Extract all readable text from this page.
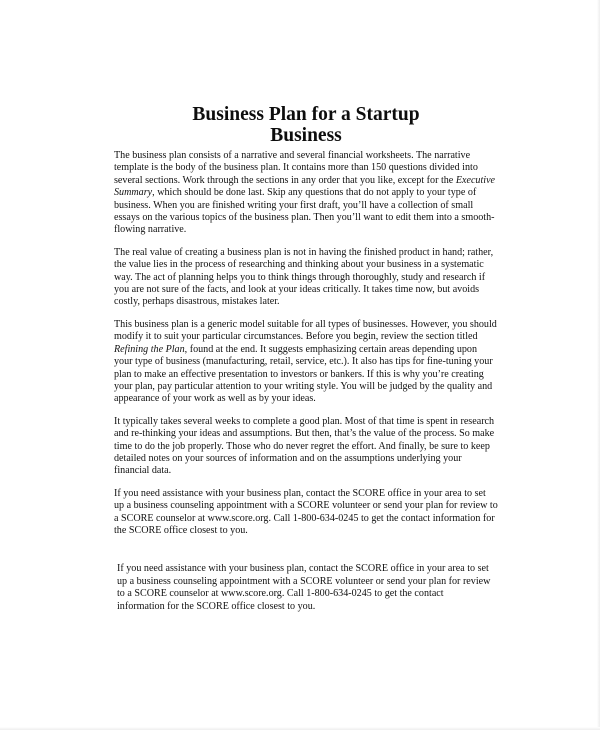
Business Plan for a Startup
Business

The business plan consists of a narrative and several financial worksheets. The narrative template is the body of the business plan. It contains more than 150 questions divided into several sections. Work through the sections in any order that you like, except for the Executive Summary, which should be done last. Skip any questions that do not apply to your type of business. When you are finished writing your first draft, you’ll have a collection of small essays on the various topics of the business plan. Then you’ll want to edit them into a smooth-flowing narrative.

The real value of creating a business plan is not in having the finished product in hand; rather, the value lies in the process of researching and thinking about your business in a systematic way. The act of planning helps you to think things through thoroughly, study and research if you are not sure of the facts, and look at your ideas critically. It takes time now, but avoids costly, perhaps disastrous, mistakes later.

This business plan is a generic model suitable for all types of businesses. However, you should modify it to suit your particular circumstances. Before you begin, review the section titled Refining the Plan, found at the end. It suggests emphasizing certain areas depending upon your type of business (manufacturing, retail, service, etc.). It also has tips for fine-tuning your plan to make an effective presentation to investors or bankers. If this is why you’re creating your plan, pay particular attention to your writing style. You will be judged by the quality and appearance of your work as well as by your ideas.

It typically takes several weeks to complete a good plan. Most of that time is spent in research and re-thinking your ideas and assumptions. But then, that’s the value of the process. So make time to do the job properly. Those who do never regret the effort. And finally, be sure to keep detailed notes on your sources of information and on the assumptions underlying your financial data.

If you need assistance with your business plan, contact the SCORE office in your area to set up a business counseling appointment with a SCORE volunteer or send your plan for review to a SCORE counselor at www.score.org. Call 1-800-634-0245 to get the contact information for the SCORE office closest to you.

If you need assistance with your business plan, contact the SCORE office in your area to set up a business counseling appointment with a SCORE volunteer or send your plan for review to a SCORE counselor at www.score.org. Call 1-800-634-0245 to get the contact information for the SCORE office closest to you.
